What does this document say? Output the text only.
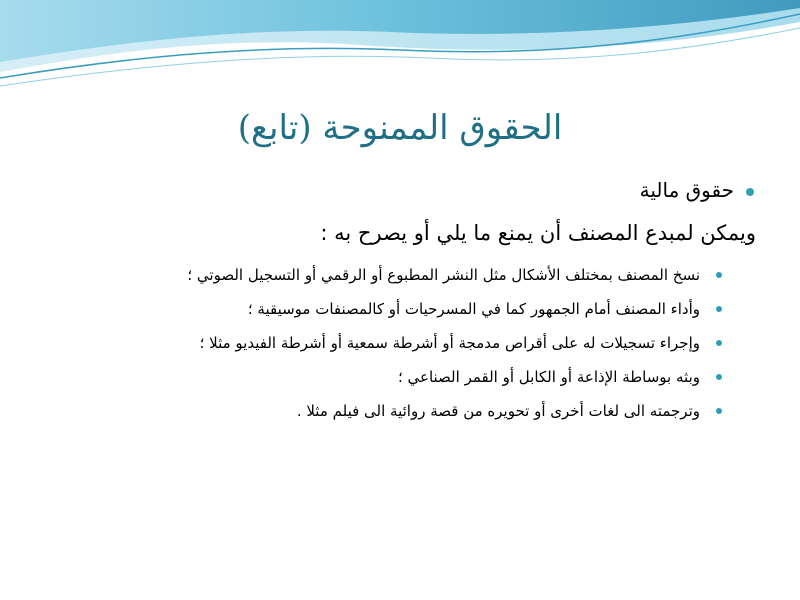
الحقوق الممنوحة (تابع)
حقوق مالية
ويمكن لمبدع المصنف أن يمنع ما يلي أو يصرح به :
نسخ المصنف بمختلف الأشكال مثل النشر المطبوع أو الرقمي أو التسجيل الصوتي ؛
وأداء المصنف أمام الجمهور كما في المسرحيات أو كالمصنفات موسيقية ؛
وإجراء تسجيلات له على أقراص مدمجة أو أشرطة سمعية أو أشرطة الفيديو مثلا ؛
وبثه بوساطة الإذاعة أو الكابل أو القمر الصناعي ؛
وترجمته الى لغات أخرى أو تحويره من قصة روائية الى فيلم مثلا .
